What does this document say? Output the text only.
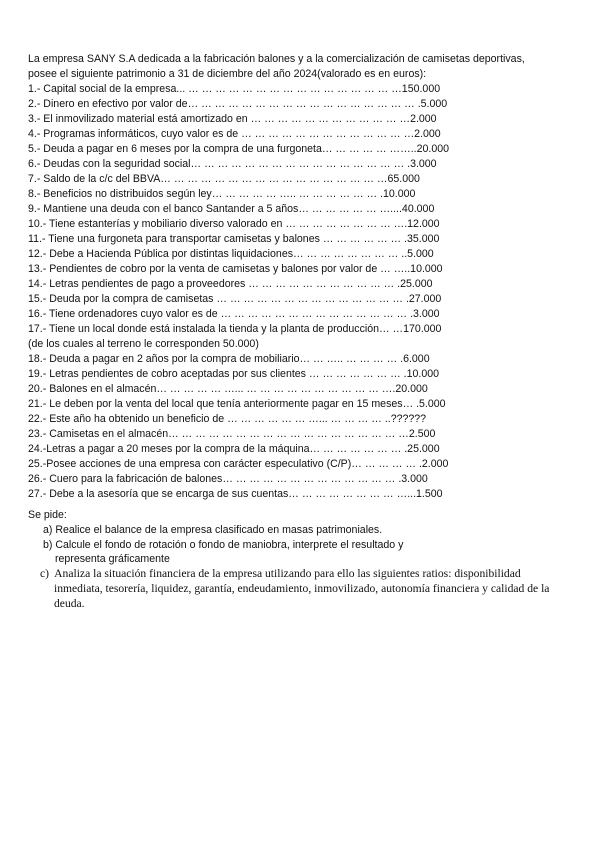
La empresa SANY S.A dedicada a la fabricación balones y a la comercialización de camisetas deportivas,
posee el siguiente patrimonio a 31 de diciembre del año 2024(valorado es en euros):
1.- Capital social de la empresa... … … … … … … … … … … … … … … … …150.000
2.- Dinero en efectivo por valor de… … … … … … … … … … … … … … … … … .5.000
3.- El inmovilizado material está amortizado en … … … … … … … … … … … …2.000
4.- Programas informáticos, cuyo valor es de … … … … … … … … … … … … …2.000
5.- Deuda a pagar en 6 meses por la compra de una furgoneta… … … … … ……..20.000
6.- Deudas con la seguridad social… … … … … … … … … … … … … … … … .3.000
7.- Saldo de la c/c del BBVA… … … … … … … … … … … … … … … … …65.000
8.- Beneficios no distribuidos según ley… … … … … ….. … … … … … … .10.000
9.- Mantiene una deuda con el banco Santander a 5 años… … … … … … …....40.000
10.- Tiene estanterías y mobiliario diverso valorado en … … … … … … … … ….12.000
11.- Tiene una furgoneta para transportar camisetas y balones … … … … … … .35.000
12.- Debe a Hacienda Pública por distintas liquidaciones… … … … … … … … ..5.000
13.- Pendientes de cobro por la venta de camisetas y balones por valor de … …..10.000
14.- Letras pendientes de pago a proveedores … … … … … … … … … … … .25.000
15.- Deuda por la compra de camisetas … … … … … … … … … … … … … … .27.000
16.- Tiene ordenadores cuyo valor es de … … … … … … … … … … … … … … .3.000
17.- Tiene un local donde está instalada la tienda y la planta de producción… …170.000
(de los cuales al terreno le corresponden 50.000)
18.- Deuda a pagar en 2 años por la compra de mobiliario… … ….. … … … … .6.000
19.- Letras pendientes de cobro aceptadas por sus clientes … … … … … … … .10.000
20.- Balones en el almacén… … … … … …... … … … … … … … … … … ….20.000
21.- Le deben por la venta del local que tenía anteriormente pagar en 15 meses… .5.000
22.- Este año ha obtenido un beneficio de … … … … … … …... … … … … ..??????
23.- Camisetas en el almacén… … … … … … … … … … … … … … … … … …2.500
24.-Letras a pagar a 20 meses por la compra de la máquina… … … … … … … .25.000
25.-Posee acciones de una empresa con carácter especulativo (C/P)… … … … … .2.000
26.- Cuero para la fabricación de balones… … … … … … … … … … … … … .3.000
27.- Debe a la asesoría que se encarga de sus cuentas… … … … … … … … …...1.500
Se pide:
a) Realice el balance de la empresa clasificado en masas patrimoniales.
b) Calcule el fondo de rotación o fondo de maniobra, interprete el resultado y
representa gráficamente
c)  Analiza la situación financiera de la empresa utilizando para ello las siguientes ratios: disponibilidad
inmediata, tesorería, liquidez, garantía, endeudamiento, inmovilizado, autonomía financiera y calidad de la
deuda.
